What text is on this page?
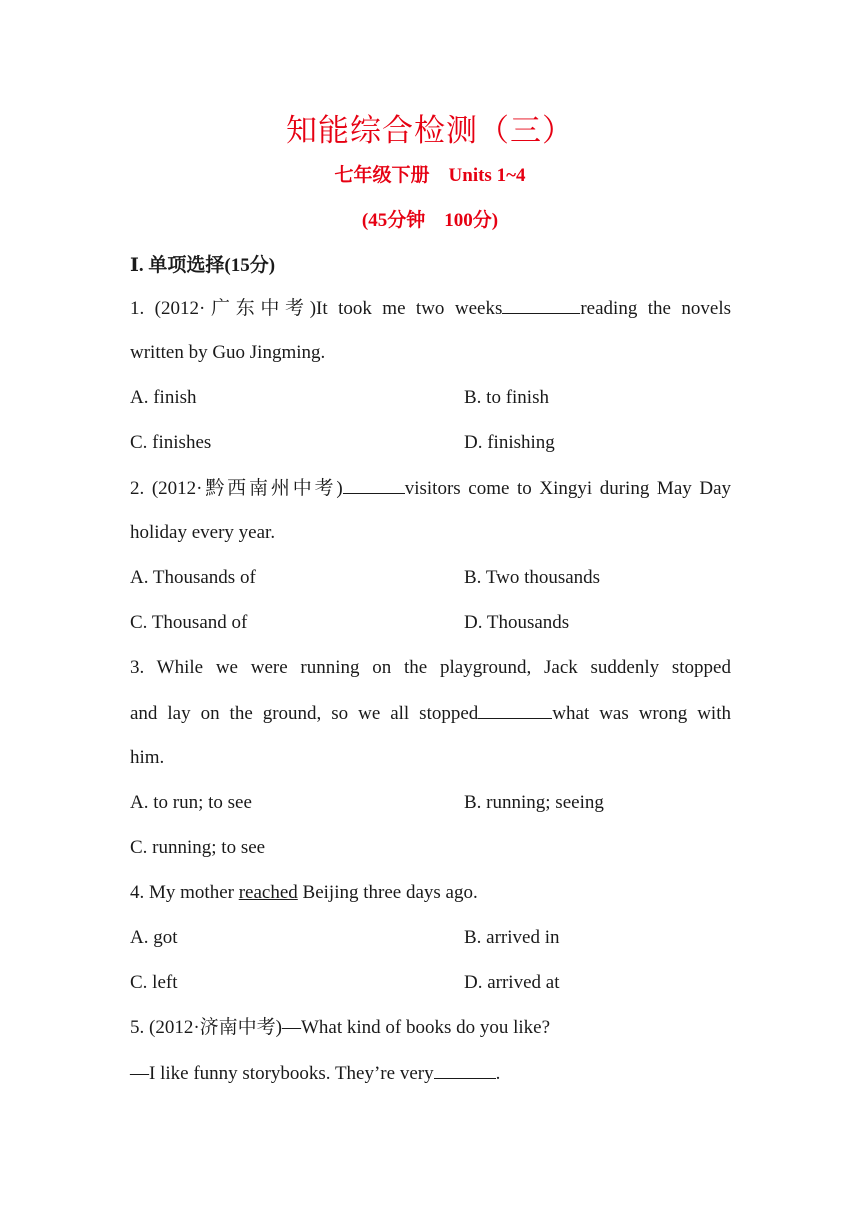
知能综合检测（三）
七年级下册　Units 1~4
(45分钟　100分)
Ⅰ. 单项选择(15分)
1. (2012·广东中考)It took me two weeks	reading the novels
written by Guo Jingming.
A. finish	B. to finish
C. finishes	D. finishing
2. (2012·黔西南州中考)	visitors come to Xingyi during May Day
holiday every year.
A. Thousands of	B. Two thousands
C. Thousand of	D. Thousands
3. While we were running on the playground, Jack suddenly stopped
and lay on the ground, so we all stopped	what was wrong with
him.
A. to run; to see	B. running; seeing
C. running; to see
4. My mother reached Beijing three days ago.
A. got	B. arrived in
C. left	D. arrived at
5. (2012·济南中考)—What kind of books do you like?
—I like funny storybooks. They’re very	.
